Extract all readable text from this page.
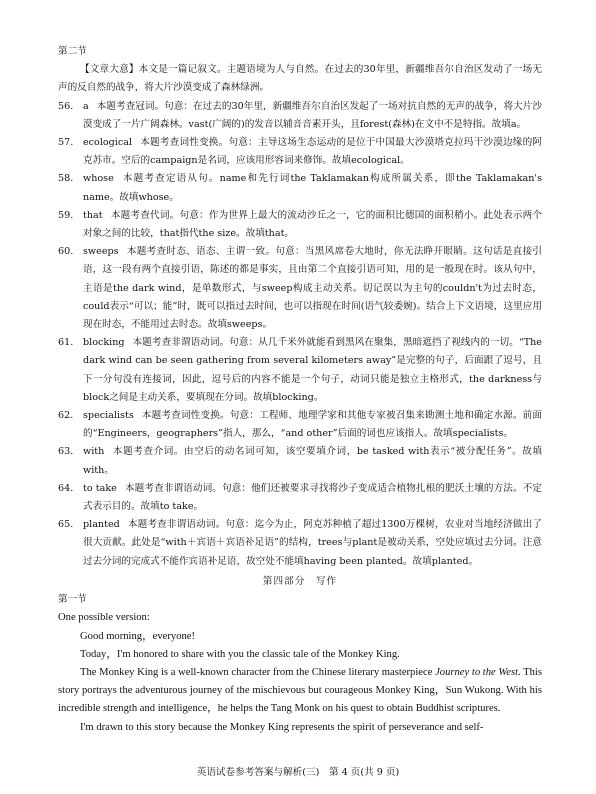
第二节

【文章大意】本文是一篇记叙文。主题语境为人与自然。在过去的30年里，新疆维吾尔自治区发动了一场无声的反自然的战争，将大片沙漠变成了森林绿洲。

56.	a 本题考查冠词。句意：在过去的30年里，新疆维吾尔自治区发起了一场对抗自然的无声的战争，将大片沙漠变成了一片广阔森林。vast(广阔的)的发音以辅音音素开头，且forest(森林)在文中不是特指。故填a。
57.	ecological 本题考查词性变换。句意：主导这场生态运动的是位于中国最大沙漠塔克拉玛干沙漠边缘的阿克苏市。空后的campaign是名词，应该用形容词来修饰。故填ecological。
58.	whose 本题考查定语从句。name和先行词the Taklamakan构成所属关系，即the Taklamakan's name。故填whose。
59.	that 本题考查代词。句意：作为世界上最大的流动沙丘之一，它的面积比德国的面积稍小。此处表示两个对象之间的比较，that指代the size。故填that。
60.	sweeps 本题考查时态、语态、主谓一致。句意：当黑风席卷大地时，你无法睁开眼睛。这句话是直接引语，这一段有两个直接引语，陈述的都是事实，且由第二个直接引语可知，用的是一般现在时。该从句中，主语是the dark wind，是单数形式，与sweep构成主动关系。切记误以为主句的couldn't为过去时态，could表示“可以；能”时，既可以指过去时间，也可以指现在时间(语气较委婉)。结合上下文语境，这里应用现在时态，不能用过去时态。故填sweeps。
61.	blocking 本题考查非谓语动词。句意：从几千米外就能看到黑风在聚集，黑暗遮挡了视线内的一切。“The dark wind can be seen gathering from several kilometers away”是完整的句子，后面跟了逗号，且下一分句没有连接词，因此，逗号后的内容不能是一个句子，动词只能是独立主格形式，the darkness与block之间是主动关系，要填现在分词。故填blocking。
62.	specialists 本题考查词性变换。句意：工程师、地理学家和其他专家被召集来勘测土地和确定水源。前面的“Engineers，geographers”指人，那么，“and other”后面的词也应该指人。故填specialists。
63.	with 本题考查介词。由空后的动名词可知，该空要填介词，be tasked with表示“被分配任务”。故填with。
64.	to take 本题考查非谓语动词。句意：他们还被要求寻找将沙子变成适合植物扎根的肥沃土壤的方法。不定式表示目的。故填to take。
65.	planted 本题考查非谓语动词。句意：迄今为止，阿克苏种植了超过1300万棵树，农业对当地经济做出了很大贡献。此处是“with＋宾语＋宾语补足语”的结构，trees与plant是被动关系，空处应填过去分词。注意过去分词的完成式不能作宾语补足语，故空处不能填having been planted。故填planted。

第四部分　写作

第一节

One possible version:

Good morning，everyone!

Today，I'm honored to share with you the classic tale of the Monkey King.

The Monkey King is a well-known character from the Chinese literary masterpiece Journey to the West. This story portrays the adventurous journey of the mischievous but courageous Monkey King，Sun Wukong. With his incredible strength and intelligence，he helps the Tang Monk on his quest to obtain Buddhist scriptures.

I'm drawn to this story because the Monkey King represents the spirit of perseverance and self-

英语试卷参考答案与解析(三)　第 4 页(共 9 页)
